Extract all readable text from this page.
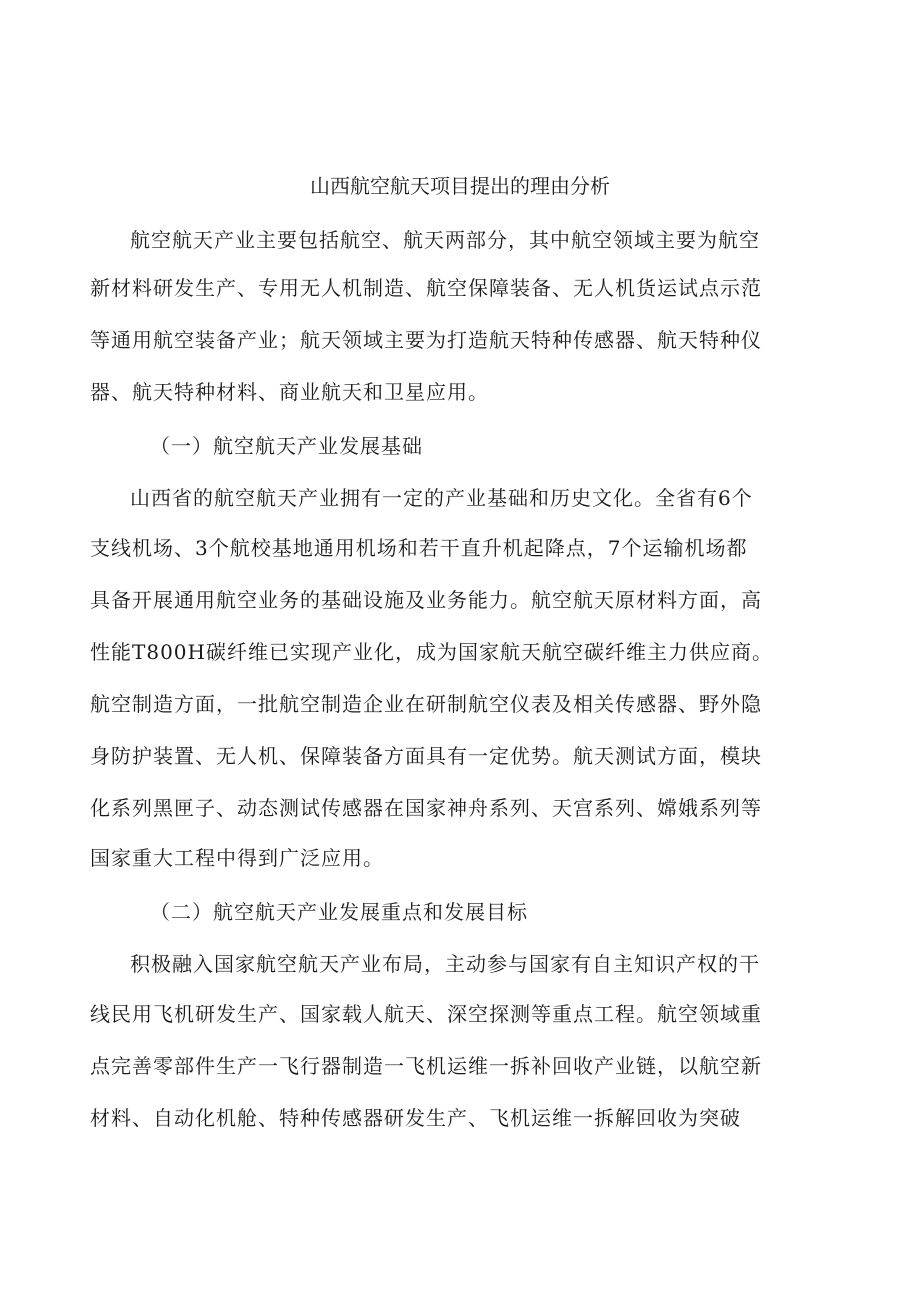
山西航空航天项目提出的理由分析
航空航天产业主要包括航空、航天两部分，其中航空领域主要为航空
新材料研发生产、专用无人机制造、航空保障装备、无人机货运试点示范
等通用航空装备产业；航天领域主要为打造航天特种传感器、航天特种仪
器、航天特种材料、商业航天和卫星应用。
（一）航空航天产业发展基础
山西省的航空航天产业拥有一定的产业基础和历史文化。全省有6个
支线机场、3个航校基地通用机场和若干直升机起降点，7个运输机场都
具备开展通用航空业务的基础设施及业务能力。航空航天原材料方面，高
性能T800H碳纤维已实现产业化，成为国家航天航空碳纤维主力供应商。
航空制造方面，一批航空制造企业在研制航空仪表及相关传感器、野外隐
身防护装置、无人机、保障装备方面具有一定优势。航天测试方面，模块
化系列黑匣子、动态测试传感器在国家神舟系列、天宫系列、嫦娥系列等
国家重大工程中得到广泛应用。
（二）航空航天产业发展重点和发展目标
积极融入国家航空航天产业布局，主动参与国家有自主知识产权的干
线民用飞机研发生产、国家载人航天、深空探测等重点工程。航空领域重
点完善零部件生产一飞行器制造一飞机运维一拆补回收产业链，以航空新
材料、自动化机舱、特种传感器研发生产、飞机运维一拆解回收为突破
